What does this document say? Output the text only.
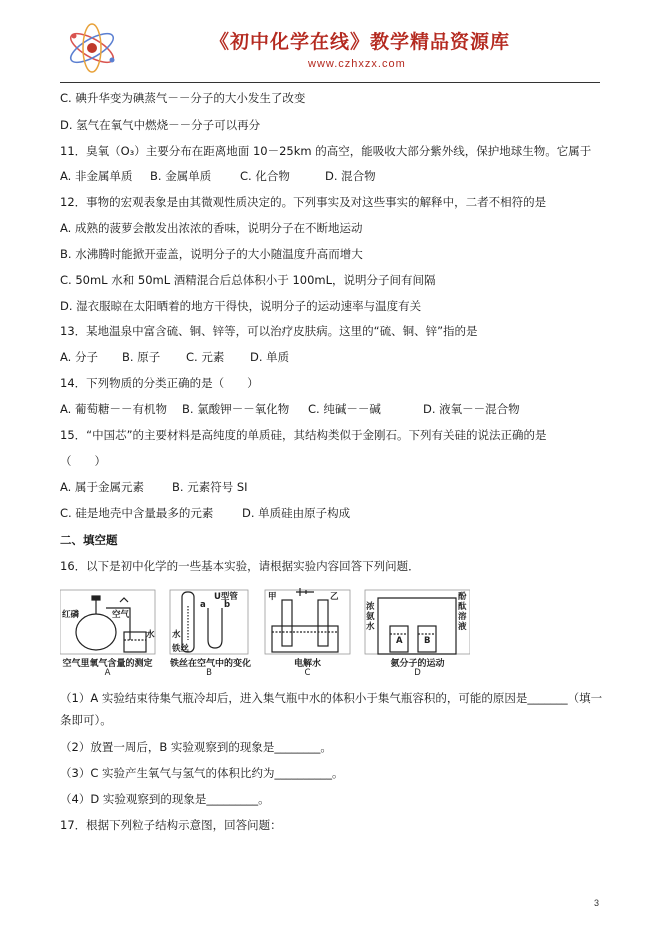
《初中化学在线》教学精品资源库
www.czhxzx.com
C. 碘升华变为碘蒸气－－分子的大小发生了改变
D. 氢气在氧气中燃烧－－分子可以再分
11．臭氧（O₃）主要分布在距离地面 10－25km 的高空，能吸收大部分紫外线，保护地球生物。它属于
A. 非金属单质	B. 金属单质	C. 化合物	D. 混合物
12．事物的宏观表象是由其微观性质决定的。下列事实及对这些事实的解释中，二者不相符的是
A. 成熟的菠萝会散发出浓浓的香味，说明分子在不断地运动
B. 水沸腾时能掀开壶盖，说明分子的大小随温度升高而增大
C. 50mL 水和 50mL 酒精混合后总体积小于 100mL，说明分子间有间隔
D. 湿衣服晾在太阳晒着的地方干得快，说明分子的运动速率与温度有关
13．某地温泉中富含硫、铜、锌等，可以治疗皮肤病。这里的“硫、铜、锌”指的是
A. 分子	B. 原子	C. 元素	D. 单质
14．下列物质的分类正确的是（　　）
A. 葡萄糖－－有机物	B. 氯酸钾－－氧化物	C. 纯碱－－碱	D. 液氧－－混合物
15．“中国芯”的主要材料是高纯度的单质硅，其结构类似于金刚石。下列有关硅的说法正确的是
（　　）
A. 属于金属元素	B. 元素符号 SI
C. 硅是地壳中含量最多的元素	D. 单质硅由原子构成
二、填空题
16．以下是初中化学的一些基本实验，请根据实验内容回答下列问题．
红磷	空气
水 水
a b
U型管
铁丝
甲	乙
浓氨水
酚酞溶液
A	B
空气里氧气含量的测定 铁丝在空气中的变化	电解水	氨分子的运动
A	B	C	D
（1）A 实验结束待集气瓶冷却后，进入集气瓶中水的体积小于集气瓶容积的，可能的原因是_______（填一
条即可）。
（2）放置一周后，B 实验观察到的现象是________。
（3）C 实验产生氧气与氢气的体积比约为__________。
（4）D 实验观察到的现象是_________。
17．根据下列粒子结构示意图，回答问题：
3
